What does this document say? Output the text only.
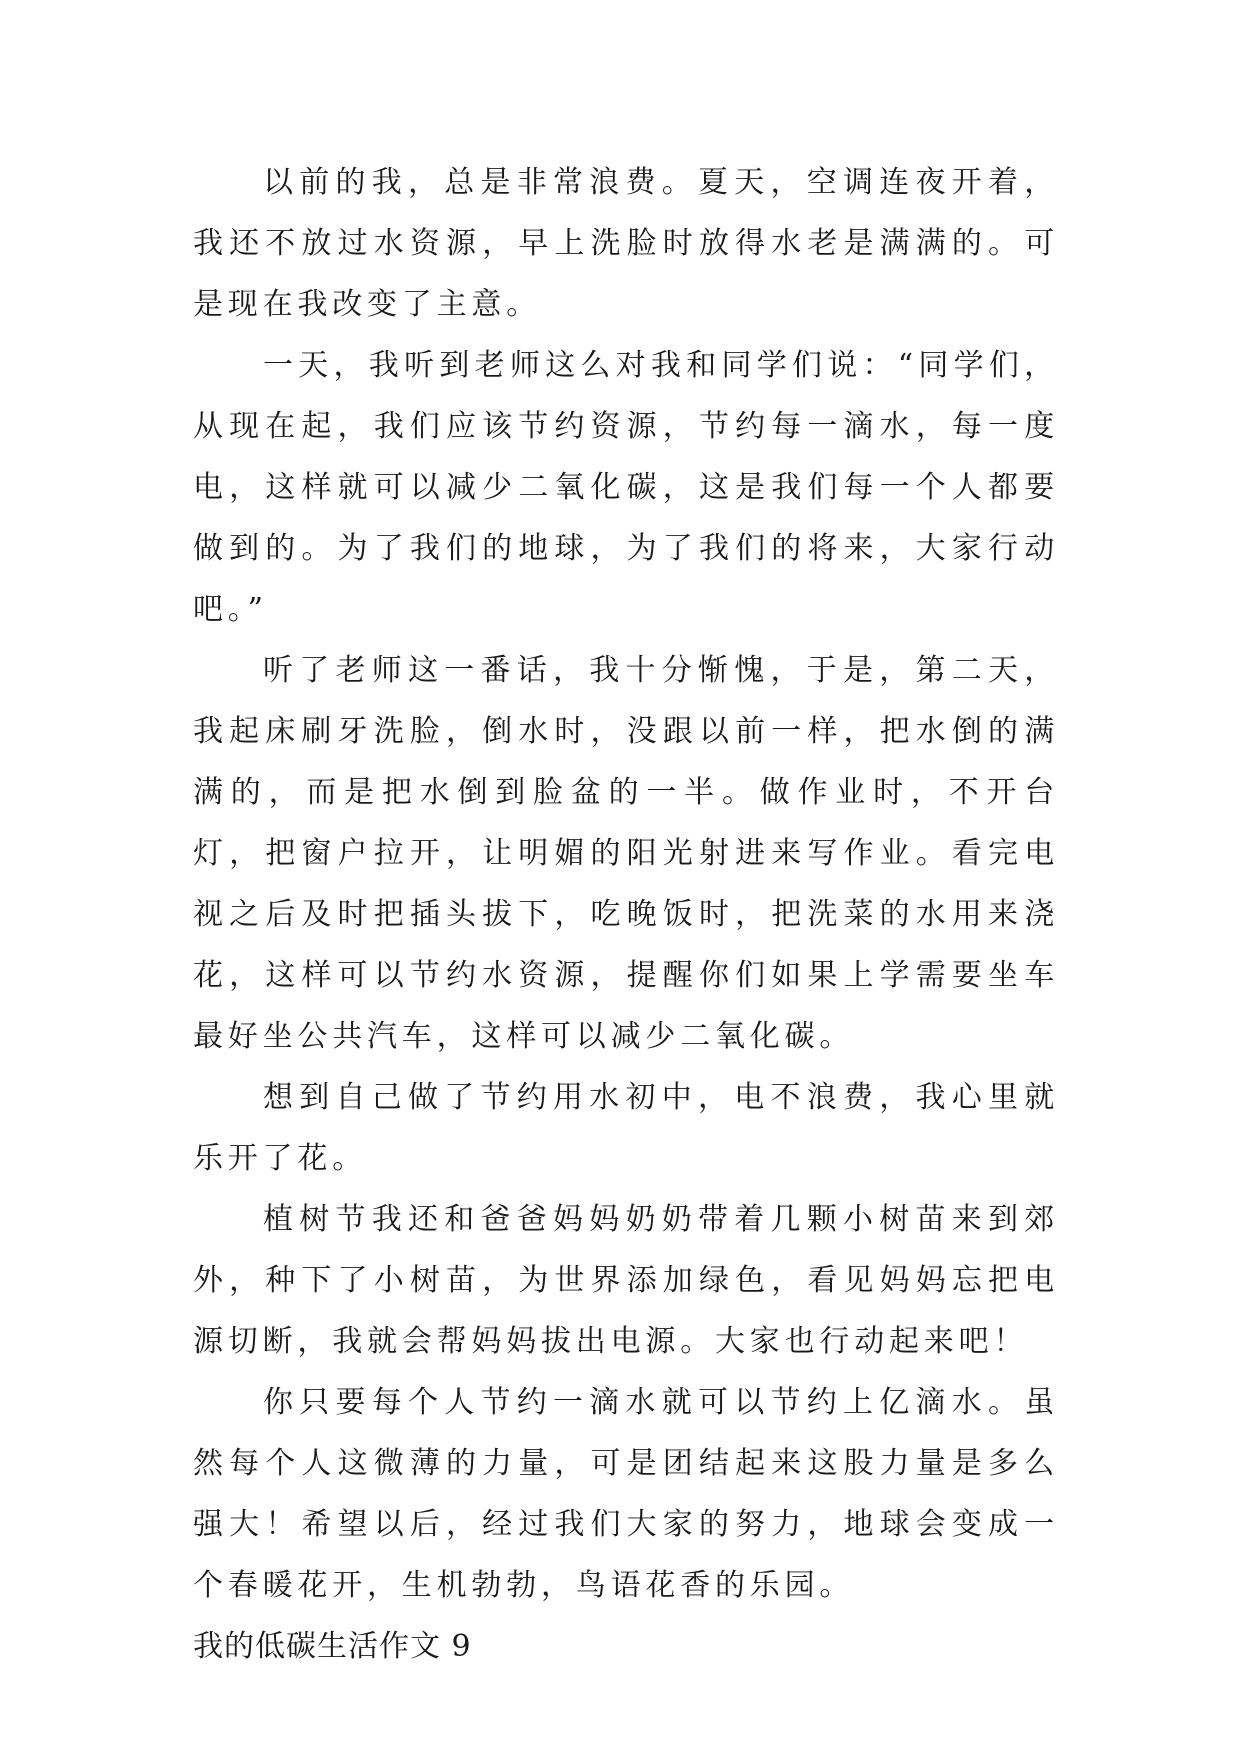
以前的我，总是非常浪费。夏天，空调连夜开着，我还不放过水资源，早上洗脸时放得水老是满满的。可是现在我改变了主意。

一天，我听到老师这么对我和同学们说：“同学们，从现在起，我们应该节约资源，节约每一滴水，每一度电，这样就可以减少二氧化碳，这是我们每一个人都要做到的。为了我们的地球，为了我们的将来，大家行动吧。”

听了老师这一番话，我十分惭愧，于是，第二天，我起床刷牙洗脸，倒水时，没跟以前一样，把水倒的满满的，而是把水倒到脸盆的一半。做作业时，不开台灯，把窗户拉开，让明媚的阳光射进来写作业。看完电视之后及时把插头拔下，吃晚饭时，把洗菜的水用来浇花，这样可以节约水资源，提醒你们如果上学需要坐车最好坐公共汽车，这样可以减少二氧化碳。

想到自己做了节约用水初中，电不浪费，我心里就乐开了花。

植树节我还和爸爸妈妈奶奶带着几颗小树苗来到郊外，种下了小树苗，为世界添加绿色，看见妈妈忘把电源切断，我就会帮妈妈拔出电源。大家也行动起来吧！

你只要每个人节约一滴水就可以节约上亿滴水。虽然每个人这微薄的力量，可是团结起来这股力量是多么强大！希望以后，经过我们大家的努力，地球会变成一个春暖花开，生机勃勃，鸟语花香的乐园。

我的低碳生活作文 9
